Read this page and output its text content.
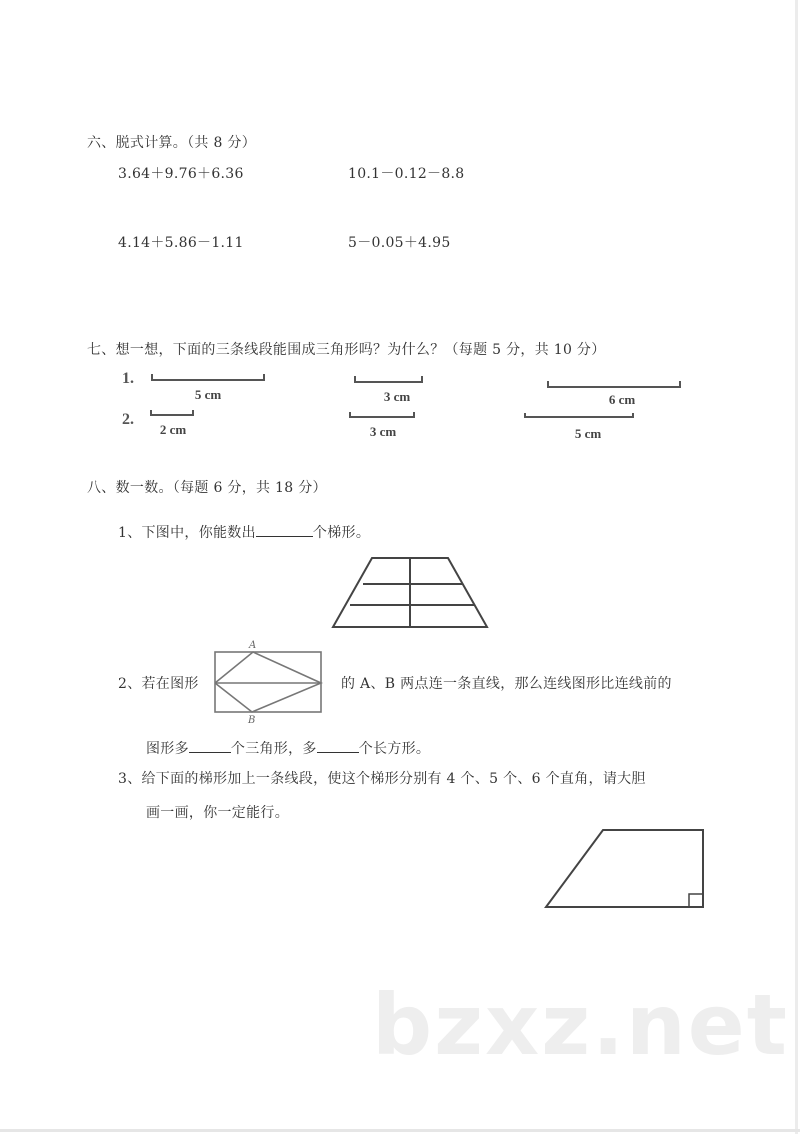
六、脱式计算。（共 8 分）
3.64＋9.76＋6.36	10.1－0.12－8.8
4.14＋5.86－1.11	5－0.05＋4.95
七、想一想，下面的三条线段能围成三角形吗？为什么？（每题 5 分，共 10 分）
1.
2.
5 cm	3 cm	6 cm
2 cm	3 cm	5 cm
八、数一数。（每题 6 分，共 18 分）
1、下图中，你能数出	个梯形。
2、若在图形
A
B
的 A、B 两点连一条直线，那么连线图形比连线前的
图形多	个三角形，多	个长方形。
3、给下面的梯形加上一条线段，使这个梯形分别有 4 个、5 个、6 个直角，请大胆
画一画，你一定能行。
bzxz.net
